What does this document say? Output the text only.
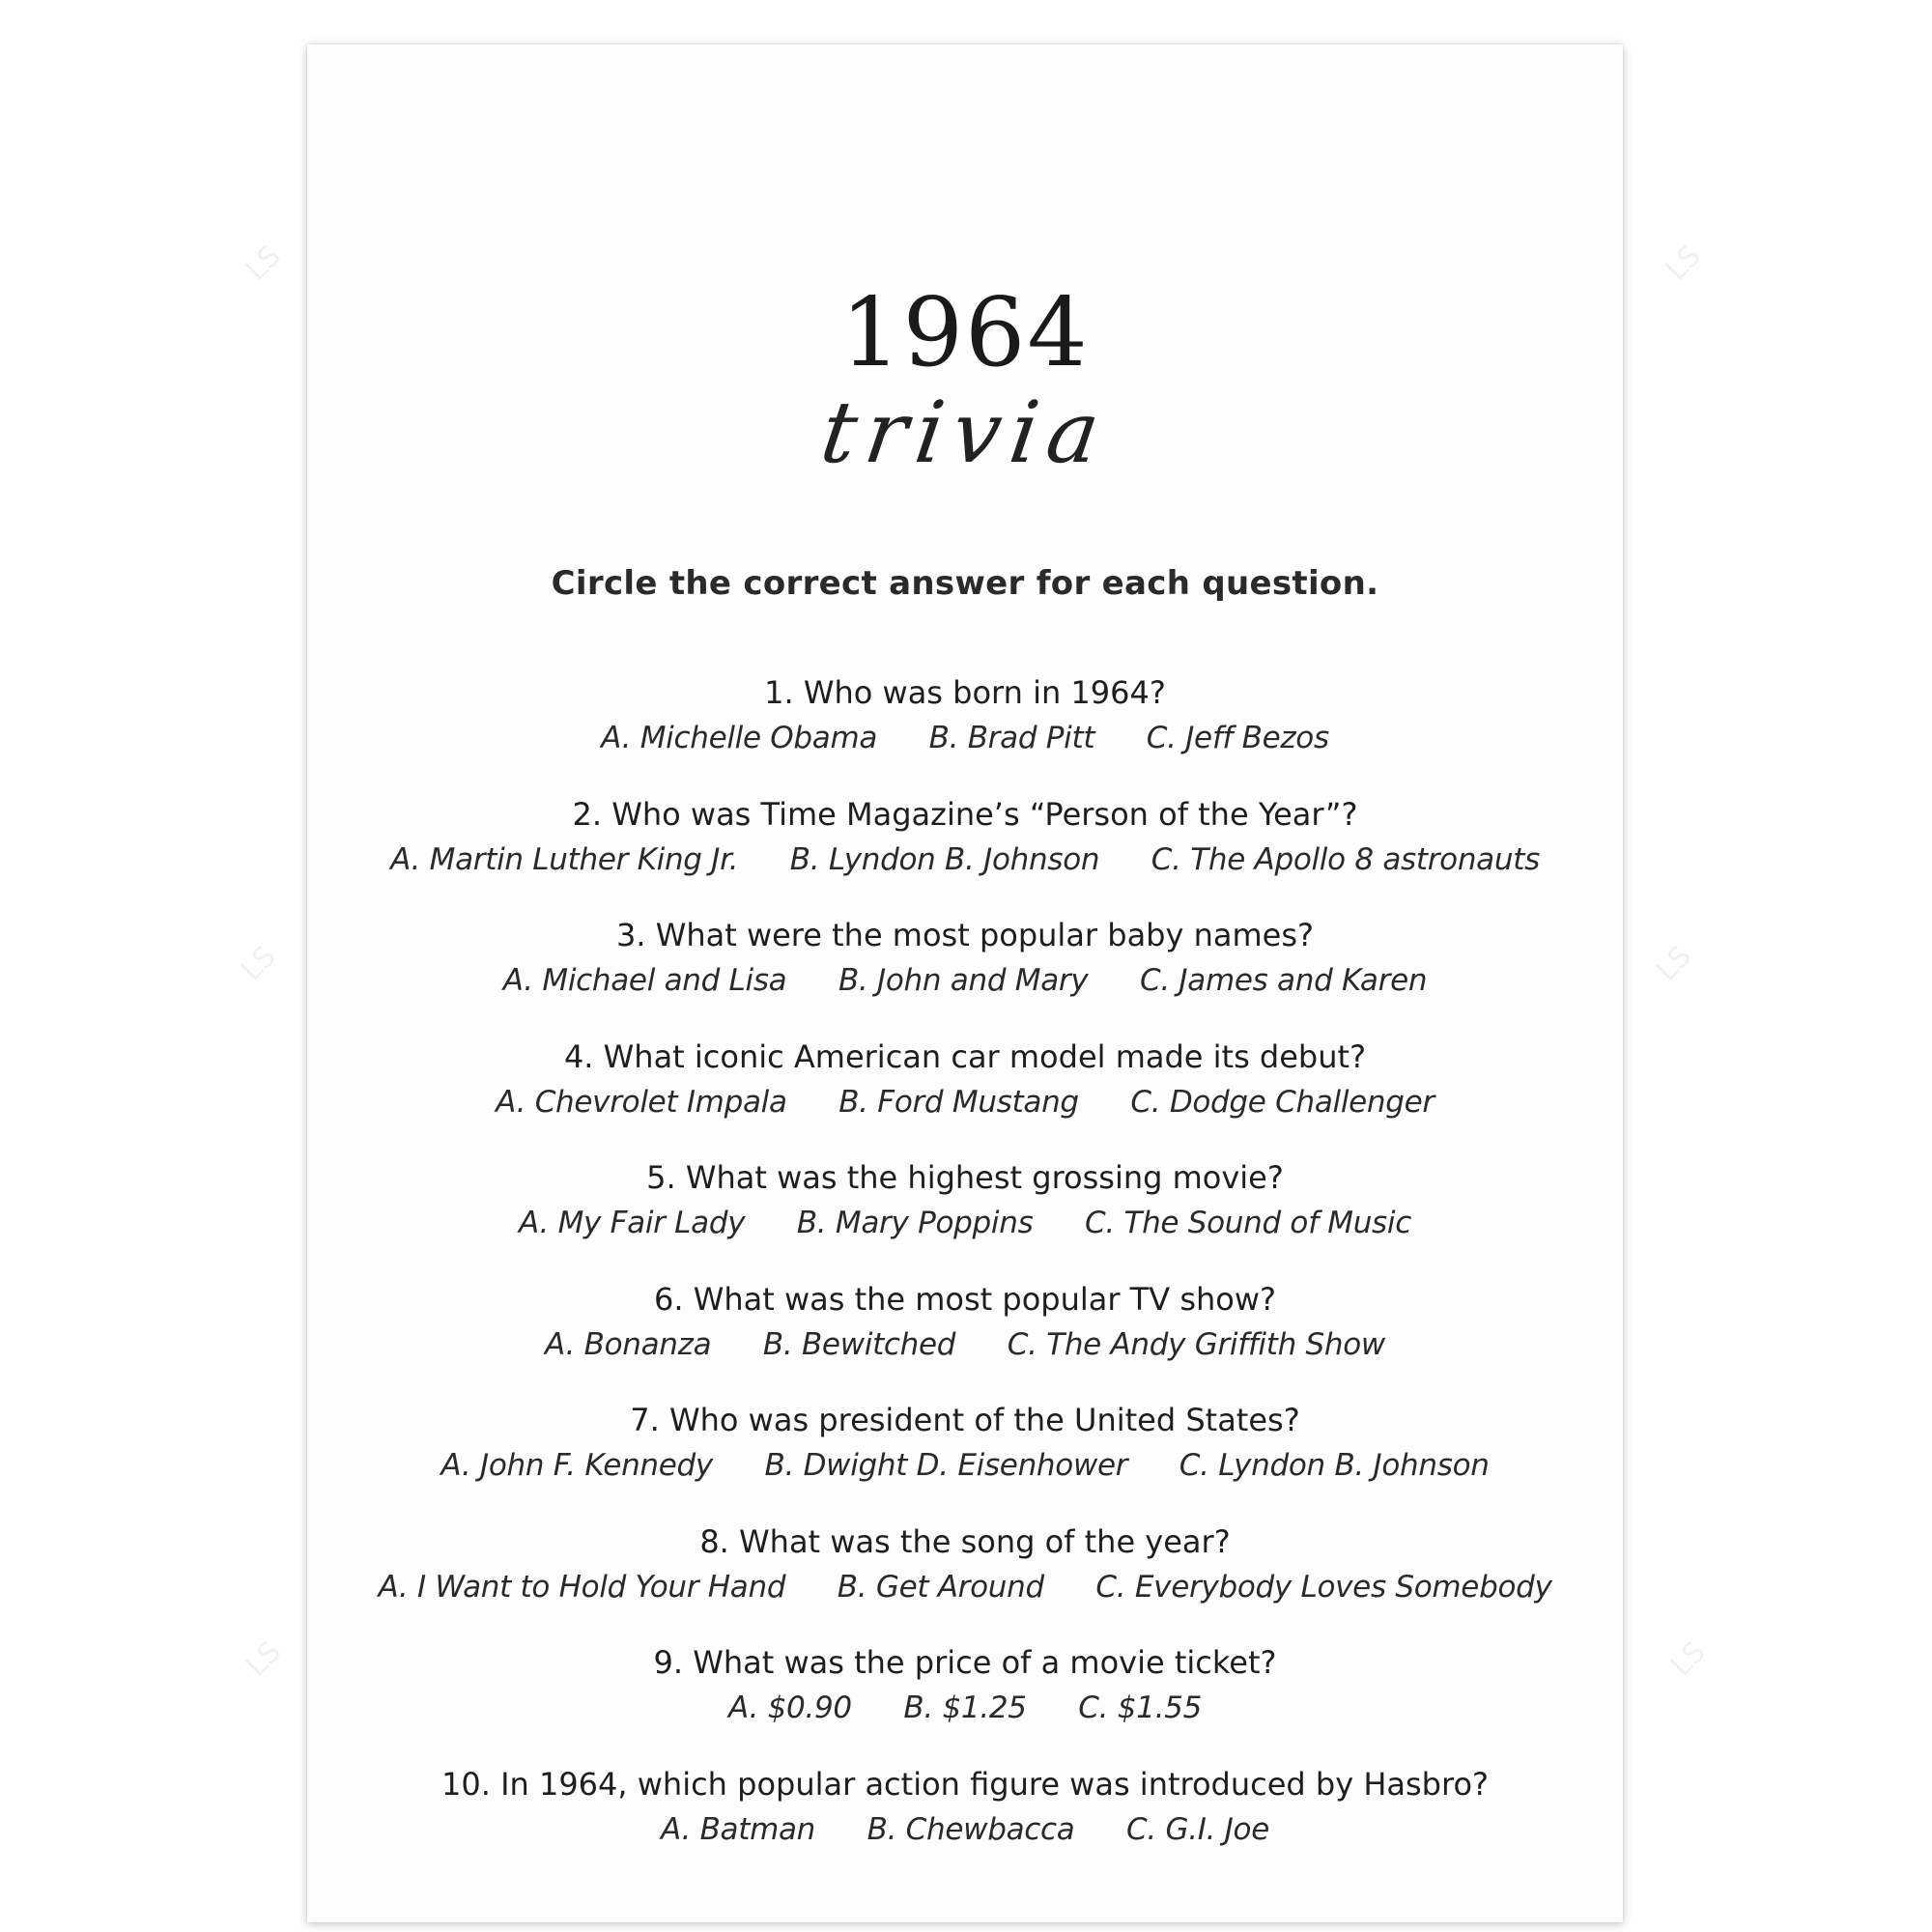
LS	LS
LS	LS
LS	LS
1964
trivia
Circle the correct answer for each question.
1. Who was born in 1964?
A. Michelle Obama B. Brad Pitt C. Jeff Bezos
2. Who was Time Magazine’s “Person of the Year”?
A. Martin Luther King Jr. B. Lyndon B. Johnson C. The Apollo 8 astronauts
3. What were the most popular baby names?
A. Michael and Lisa B. John and Mary C. James and Karen
4. What iconic American car model made its debut?
A. Chevrolet Impala B. Ford Mustang C. Dodge Challenger
5. What was the highest grossing movie?
A. My Fair Lady B. Mary Poppins C. The Sound of Music
6. What was the most popular TV show?
A. Bonanza B. Bewitched C. The Andy Griffith Show
7. Who was president of the United States?
A. John F. Kennedy B. Dwight D. Eisenhower C. Lyndon B. Johnson
8. What was the song of the year?
A. I Want to Hold Your Hand B. Get Around C. Everybody Loves Somebody
9. What was the price of a movie ticket?
A. $0.90 B. $1.25 C. $1.55
10. In 1964, which popular action figure was introduced by Hasbro?
A. Batman B. Chewbacca C. G.I. Joe
